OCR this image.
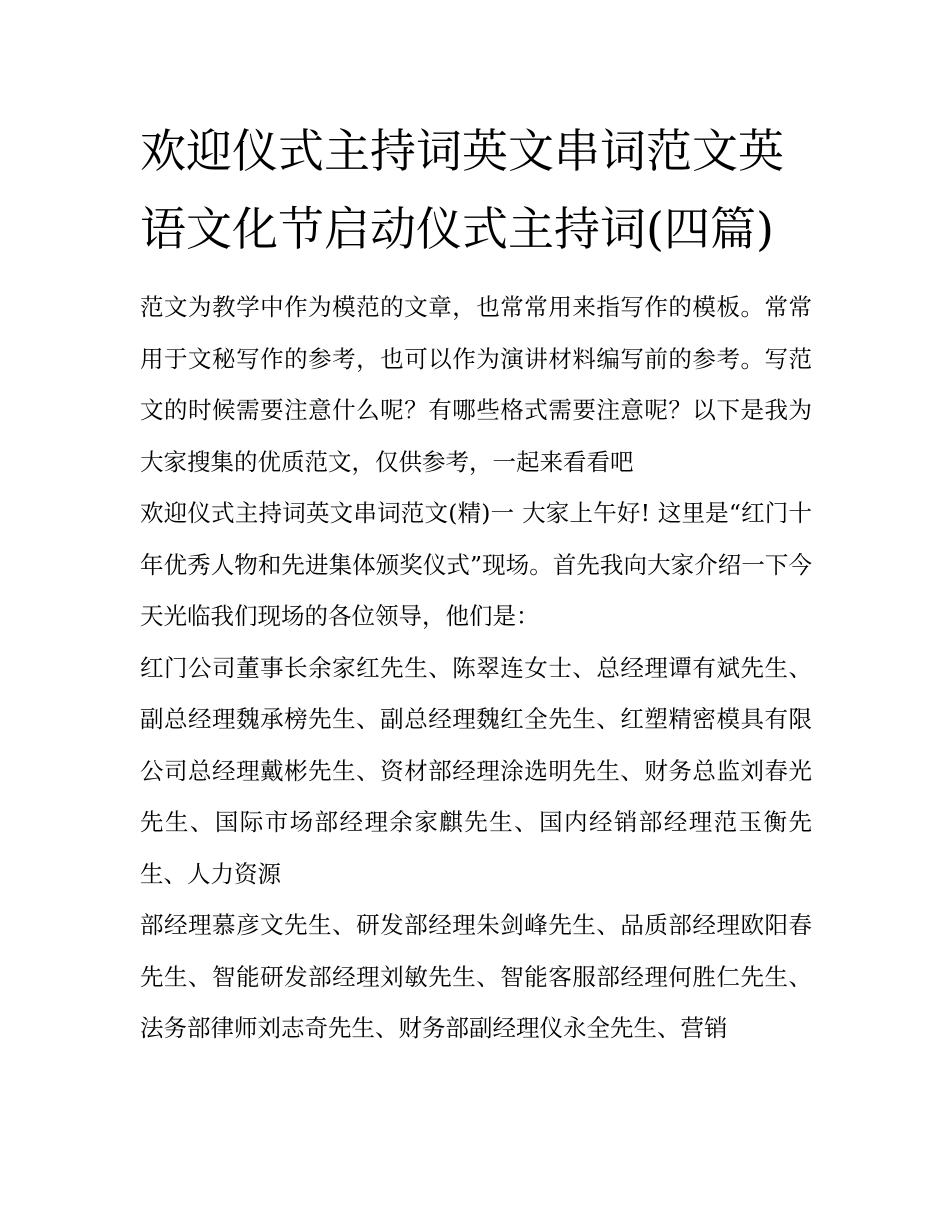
欢迎仪式主持词英文串词范文英语文化节启动仪式主持词(四篇)

范文为教学中作为模范的文章，也常常用来指写作的模板。常常用于文秘写作的参考，也可以作为演讲材料编写前的参考。写范文的时候需要注意什么呢？有哪些格式需要注意呢？以下是我为大家搜集的优质范文，仅供参考，一起来看看吧

欢迎仪式主持词英文串词范文(精)一 大家上午好! 这里是“红门十年优秀人物和先进集体颁奖仪式”现场。首先我向大家介绍一下今天光临我们现场的各位领导，他们是：

红门公司董事长余家红先生、陈翠连女士、总经理谭有斌先生、副总经理魏承榜先生、副总经理魏红全先生、红塑精密模具有限公司总经理戴彬先生、资材部经理涂选明先生、财务总监刘春光先生、国际市场部经理余家麒先生、国内经销部经理范玉衡先生、人力资源

部经理慕彦文先生、研发部经理朱剑峰先生、品质部经理欧阳春先生、智能研发部经理刘敏先生、智能客服部经理何胜仁先生、法务部律师刘志奇先生、财务部副经理仪永全先生、营销
